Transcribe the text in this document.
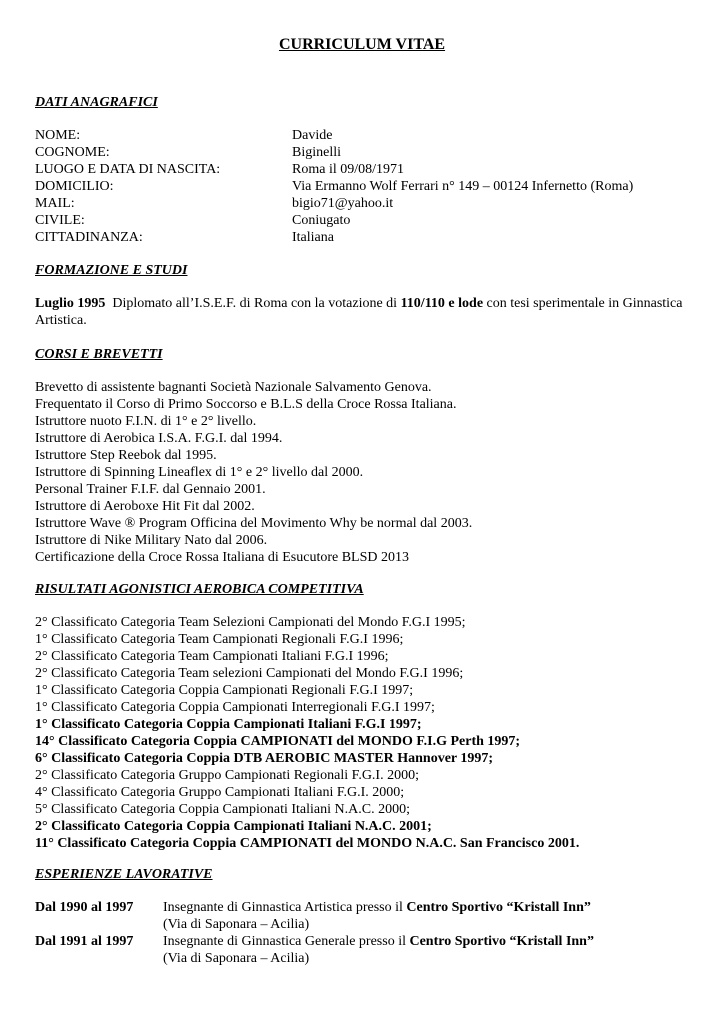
CURRICULUM VITAE
DATI ANAGRAFICI
NOME:	Davide
COGNOME:	Biginelli
LUOGO E DATA DI NASCITA:	Roma il 09/08/1971
DOMICILIO:	Via Ermanno Wolf Ferrari n° 149 – 00124 Infernetto (Roma)
MAIL:	bigio71@yahoo.it
CIVILE:	Coniugato
CITTADINANZA:	Italiana
FORMAZIONE E STUDI
Luglio 1995  Diplomato all’I.S.E.F. di Roma con la votazione di 110/110 e lode con tesi sperimentale in Ginnastica Artistica.
CORSI E BREVETTI
Brevetto di assistente bagnanti Società Nazionale Salvamento Genova.
Frequentato il Corso di Primo Soccorso e B.L.S della Croce Rossa Italiana.
Istruttore nuoto F.I.N. di 1° e 2° livello.
Istruttore di Aerobica I.S.A. F.G.I. dal 1994.
Istruttore Step Reebok dal 1995.
Istruttore di Spinning Lineaflex di 1° e 2° livello dal 2000.
Personal Trainer F.I.F. dal Gennaio 2001.
Istruttore di Aeroboxe Hit Fit dal 2002.
Istruttore Wave ® Program Officina del Movimento Why be normal dal 2003.
Istruttore di Nike Military Nato dal 2006.
Certificazione della Croce Rossa Italiana di Esucutore BLSD 2013
RISULTATI AGONISTICI AEROBICA COMPETITIVA
2° Classificato Categoria Team Selezioni Campionati del Mondo F.G.I 1995;
1° Classificato Categoria Team Campionati Regionali F.G.I 1996;
2° Classificato Categoria Team Campionati Italiani F.G.I 1996;
2° Classificato Categoria Team selezioni Campionati del Mondo F.G.I 1996;
1° Classificato Categoria Coppia Campionati Regionali F.G.I 1997;
1° Classificato Categoria Coppia Campionati Interregionali F.G.I 1997;
1° Classificato Categoria Coppia Campionati Italiani F.G.I 1997;
14° Classificato Categoria Coppia CAMPIONATI del MONDO F.I.G Perth 1997;
6° Classificato Categoria Coppia DTB AEROBIC MASTER Hannover 1997;
2° Classificato Categoria Gruppo Campionati Regionali F.G.I. 2000;
4° Classificato Categoria Gruppo Campionati Italiani F.G.I. 2000;
5° Classificato Categoria Coppia Campionati Italiani N.A.C. 2000;
2° Classificato Categoria Coppia Campionati Italiani N.A.C. 2001;
11° Classificato Categoria Coppia CAMPIONATI del MONDO N.A.C. San Francisco 2001.
ESPERIENZE LAVORATIVE
Dal 1990 al 1997	Insegnante di Ginnastica Artistica presso il Centro Sportivo “Kristall Inn”
(Via di Saponara – Acilia)
Dal 1991 al 1997	Insegnante di Ginnastica Generale presso il Centro Sportivo “Kristall Inn”
(Via di Saponara – Acilia)
